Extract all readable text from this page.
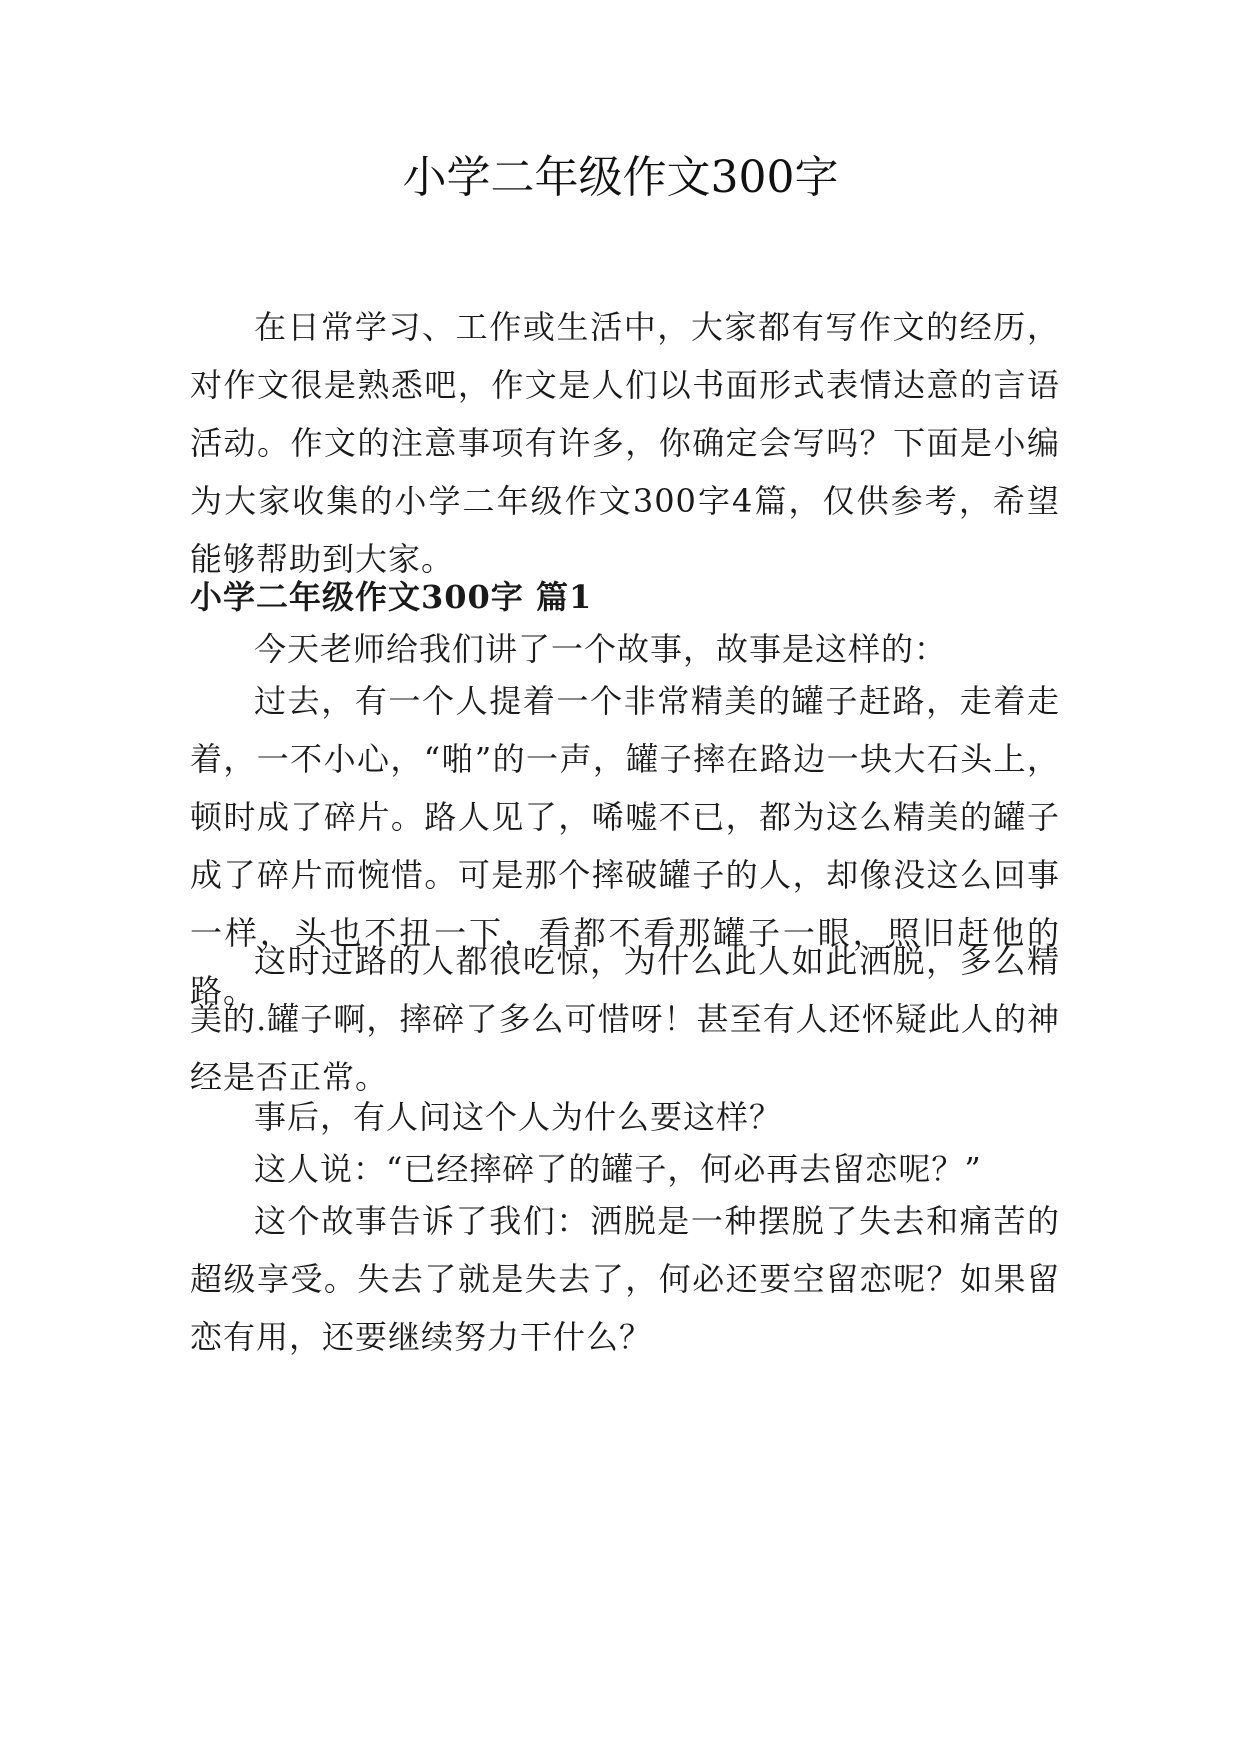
小学二年级作文300字

在日常学习、工作或生活中，大家都有写作文的经历，对作文很是熟悉吧，作文是人们以书面形式表情达意的言语活动。作文的注意事项有许多，你确定会写吗？下面是小编为大家收集的小学二年级作文300字4篇，仅供参考，希望能够帮助到大家。

小学二年级作文300字 篇1

今天老师给我们讲了一个故事，故事是这样的：

过去，有一个人提着一个非常精美的罐子赶路，走着走着，一不小心，“啪”的一声，罐子摔在路边一块大石头上，顿时成了碎片。路人见了，唏嘘不已，都为这么精美的罐子成了碎片而惋惜。可是那个摔破罐子的人，却像没这么回事一样，头也不扭一下，看都不看那罐子一眼，照旧赶他的路。

这时过路的人都很吃惊，为什么此人如此洒脱，多么精美的.罐子啊，摔碎了多么可惜呀！甚至有人还怀疑此人的神经是否正常。

事后，有人问这个人为什么要这样？

这人说：“已经摔碎了的罐子，何必再去留恋呢？”

这个故事告诉了我们：洒脱是一种摆脱了失去和痛苦的超级享受。失去了就是失去了，何必还要空留恋呢？如果留恋有用，还要继续努力干什么？
